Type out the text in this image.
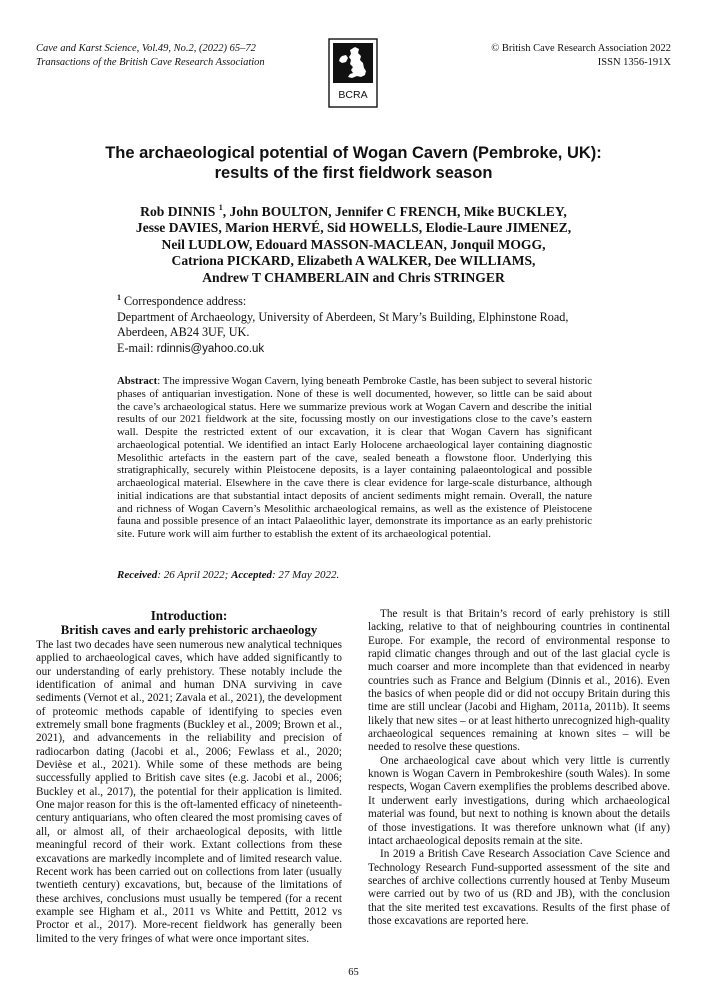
Cave and Karst Science, Vol.49, No.2, (2022) 65–72
Transactions of the British Cave Research Association
BCRA
© British Cave Research Association 2022
ISSN 1356-191X
The archaeological potential of Wogan Cavern (Pembroke, UK):
results of the first fieldwork season
Rob DINNIS $^1$, John BOULTON, Jennifer C FRENCH, Mike BUCKLEY,
Jesse DAVIES, Marion HERVÉ, Sid HOWELLS, Elodie-Laure JIMENEZ,
Neil LUDLOW, Edouard MASSON-MACLEAN, Jonquil MOGG,
Catriona PICKARD, Elizabeth A WALKER, Dee WILLIAMS,
Andrew T CHAMBERLAIN and Chris STRINGER
$^1$ Correspondence address:
Department of Archaeology, University of Aberdeen, St Mary’s Building, Elphinstone Road,
Aberdeen, AB24 3UF, UK.
E-mail: rdinnis@yahoo.co.uk
Abstract: The impressive Wogan Cavern, lying beneath Pembroke Castle, has been subject to several historic phases of antiquarian investigation. None of these is well documented, however, so little can be said about the cave’s archaeological status. Here we summarize previous work at Wogan Cavern and describe the initial results of our 2021 fieldwork at the site, focussing mostly on our investigations close to the cave’s eastern wall. Despite the restricted extent of our excavation, it is clear that Wogan Cavern has significant archaeological potential. We identified an intact Early Holocene archaeological layer containing diagnostic Mesolithic artefacts in the eastern part of the cave, sealed beneath a flowstone floor. Underlying this stratigraphically, securely within Pleistocene deposits, is a layer containing palaeontological and possible archaeological material. Elsewhere in the cave there is clear evidence for large-scale disturbance, although initial indications are that substantial intact deposits of ancient sediments might remain. Overall, the nature and richness of Wogan Cavern’s Mesolithic archaeological remains, as well as the existence of Pleistocene fauna and possible presence of an intact Palaeolithic layer, demonstrate its importance as an early prehistoric site. Future work will aim further to establish the extent of its archaeological potential.
Received: 26 April 2022; Accepted: 27 May 2022.
Introduction:
British caves and early prehistoric archaeology

The last two decades have seen numerous new analytical techniques applied to archaeological caves, which have added significantly to our understanding of early prehistory. These notably include the identification of animal and human DNA surviving in cave sediments (Vernot et al., 2021; Zavala et al., 2021), the development of proteomic methods capable of identifying to species even extremely small bone fragments (Buckley et al., 2009; Brown et al., 2021), and advancements in the reliability and precision of radiocarbon dating (Jacobi et al., 2006; Fewlass et al., 2020; Devièse et al., 2021). While some of these methods are being successfully applied to British cave sites (e.g. Jacobi et al., 2006; Buckley et al., 2017), the potential for their application is limited. One major reason for this is the oft-lamented efficacy of nineteenth-century antiquarians, who often cleared the most promising caves of all, or almost all, of their archaeological deposits, with little meaningful record of their work. Extant collections from these excavations are markedly incomplete and of limited research value. Recent work has been carried out on collections from later (usually twentieth century) excavations, but, because of the limitations of these archives, conclusions must usually be tempered (for a recent example see Higham et al., 2011 vs White and Pettitt, 2012 vs Proctor et al., 2017). More-recent fieldwork has generally been limited to the very fringes of what were once important sites.

The result is that Britain’s record of early prehistory is still lacking, relative to that of neighbouring countries in continental Europe. For example, the record of environmental response to rapid climatic changes through and out of the last glacial cycle is much coarser and more incomplete than that evidenced in nearby countries such as France and Belgium (Dinnis et al., 2016). Even the basics of when people did or did not occupy Britain during this time are still unclear (Jacobi and Higham, 2011a, 2011b). It seems likely that new sites – or at least hitherto unrecognized high-quality archaeological sequences remaining at known sites – will be needed to resolve these questions.

One archaeological cave about which very little is currently known is Wogan Cavern in Pembrokeshire (south Wales). In some respects, Wogan Cavern exemplifies the problems described above. It underwent early investigations, during which archaeological material was found, but next to nothing is known about the details of those investigations. It was therefore unknown what (if any) intact archaeological deposits remain at the site.

In 2019 a British Cave Research Association Cave Science and Technology Research Fund-supported assessment of the site and searches of archive collections currently housed at Tenby Museum were carried out by two of us (RD and JB), with the conclusion that the site merited test excavations. Results of the first phase of those excavations are reported here.

65
